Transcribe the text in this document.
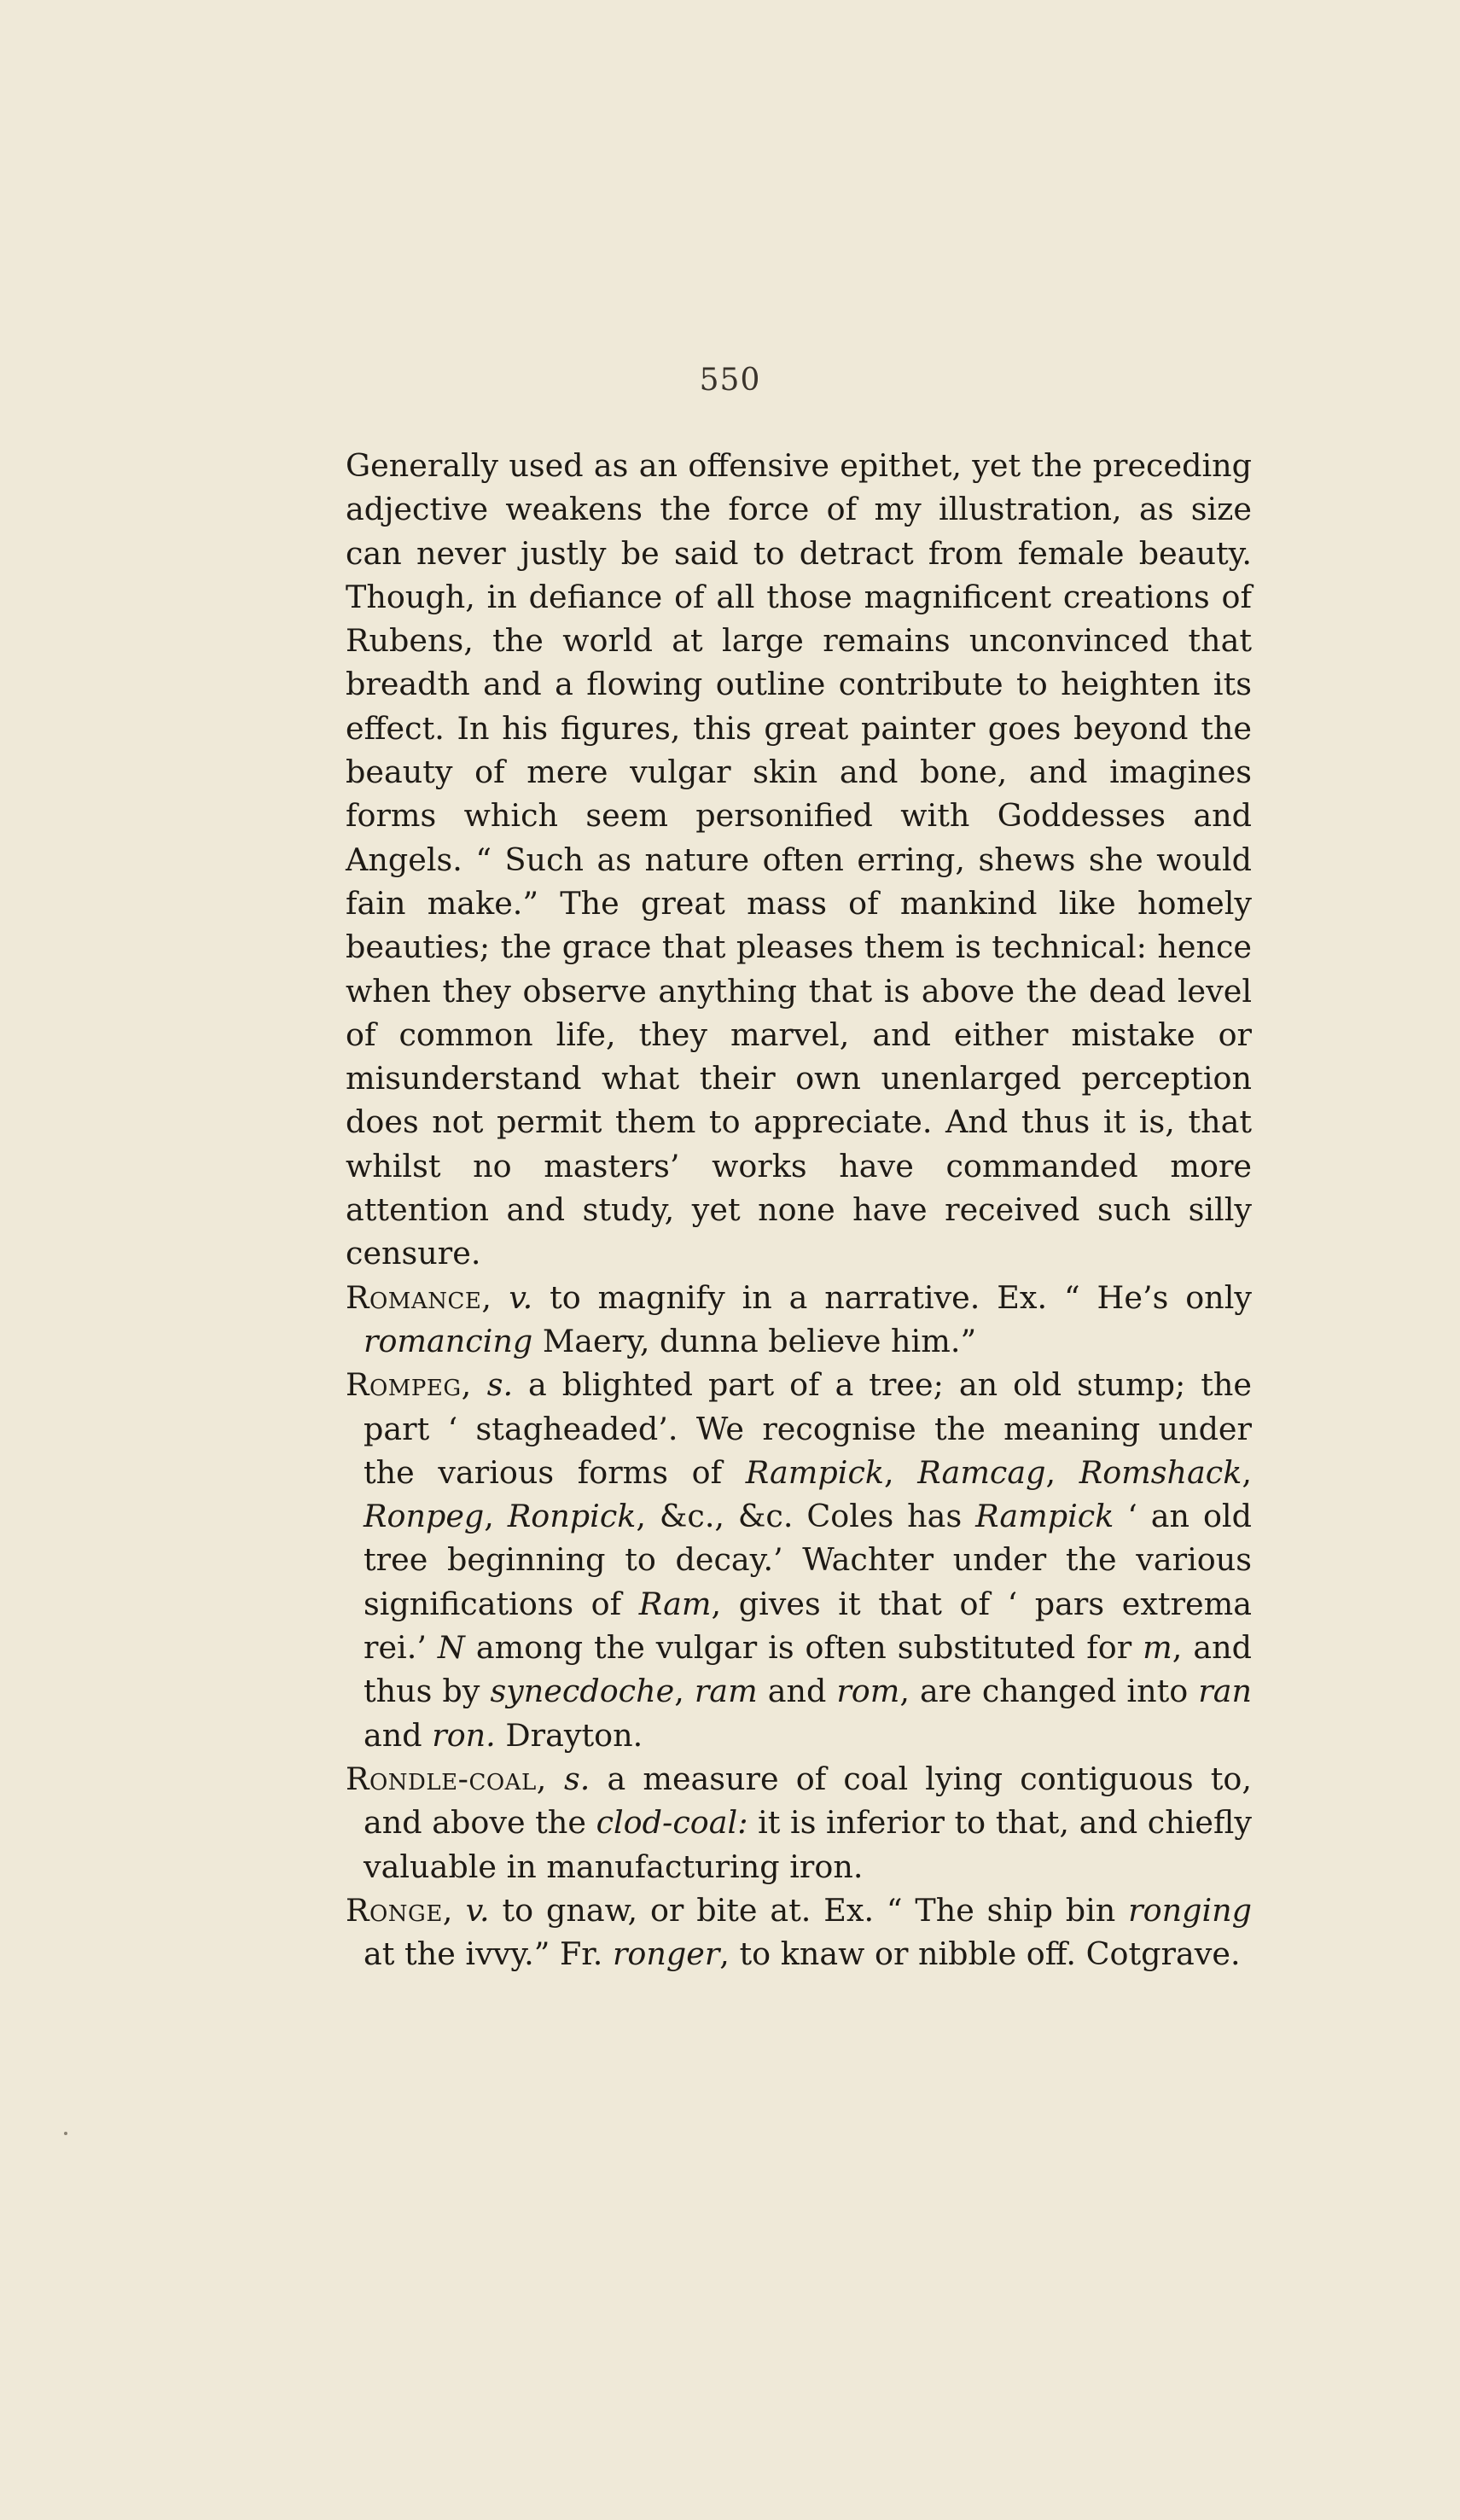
550

Generally used as an offensive epithet, yet the preceding adjective weakens the force of my illustration, as size can never justly be said to detract from female beauty. Though, in defiance of all those magnificent creations of Rubens, the world at large remains unconvinced that breadth and a flowing outline contribute to heighten its effect. In his figures, this great painter goes beyond the beauty of mere vulgar skin and bone, and imagines forms which seem personified with Goddesses and Angels. “ Such as nature often erring, shews she would fain make.” The great mass of mankind like homely beauties; the grace that pleases them is technical: hence when they observe anything that is above the dead level of common life, they marvel, and either mistake or misunderstand what their own unenlarged perception does not permit them to appreciate. And thus it is, that whilst no masters’ works have commanded more attention and study, yet none have received such silly censure.

Romance, v. to magnify in a narrative. Ex. “ He’s only romancing Maery, dunna believe him.”

Rompeg, s. a blighted part of a tree; an old stump; the part ‘ stagheaded’. We recognise the meaning under the various forms of Rampick, Ramcag, Romshack, Ronpeg, Ronpick, &c., &c. Coles has Rampick ‘ an old tree beginning to decay.’ Wachter under the various significations of Ram, gives it that of ‘ pars extrema rei.’ N among the vulgar is often substituted for m, and thus by synecdoche, ram and rom, are changed into ran and ron. Drayton.

Rondle-coal, s. a measure of coal lying contiguous to, and above the clod-coal: it is inferior to that, and chiefly valuable in manufacturing iron.

Ronge, v. to gnaw, or bite at. Ex. “ The ship bin ronging at the ivvy.” Fr. ronger, to knaw or nibble off. Cotgrave.
